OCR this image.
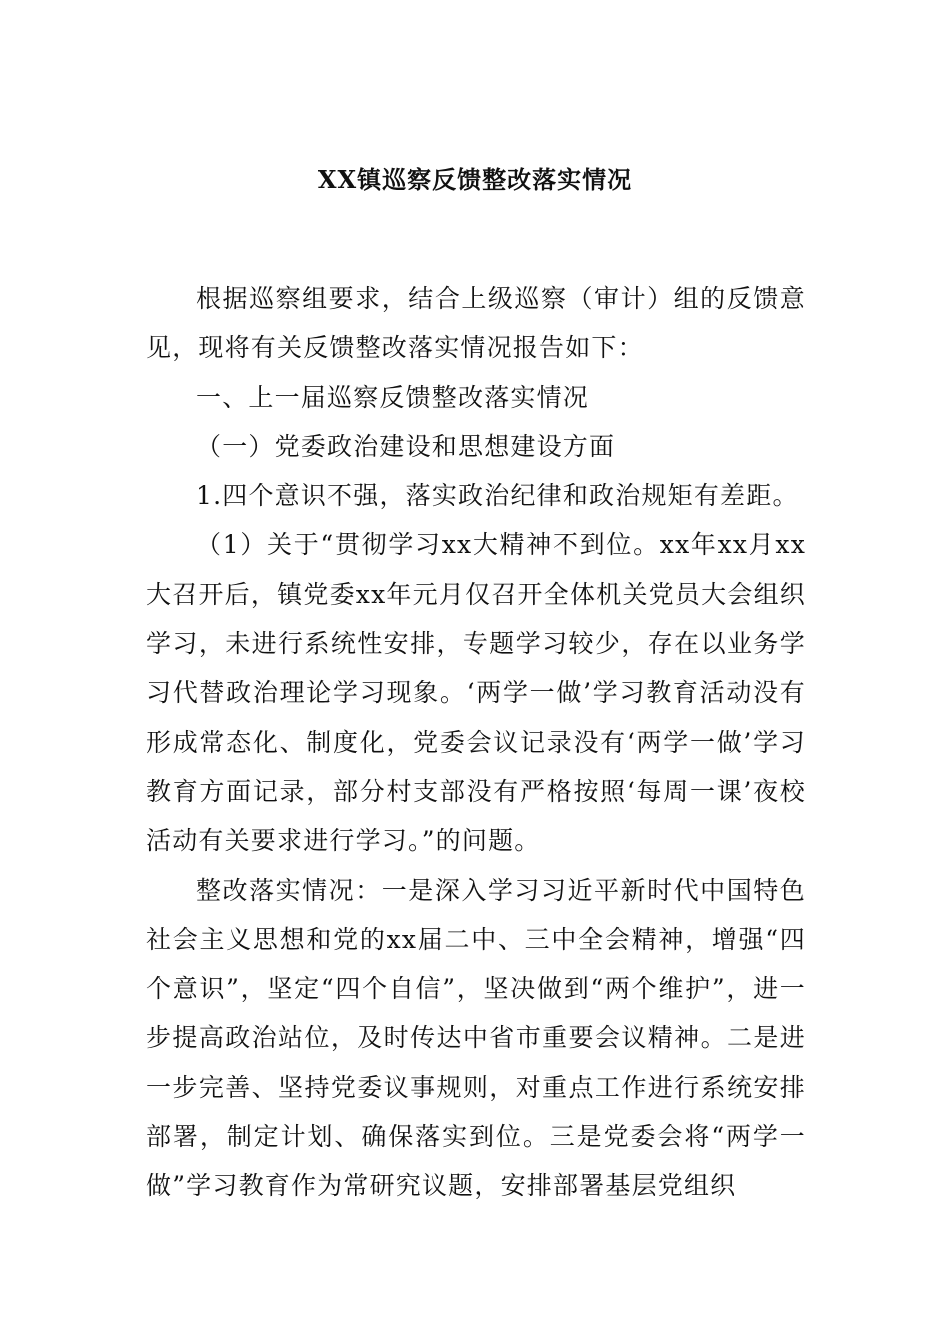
XX镇巡察反馈整改落实情况

根据巡察组要求，结合上级巡察（审计）组的反馈意见，现将有关反馈整改落实情况报告如下：

一、上一届巡察反馈整改落实情况

（一）党委政治建设和思想建设方面

1.四个意识不强，落实政治纪律和政治规矩有差距。

（1）关于“贯彻学习xx大精神不到位。xx年xx月xx大召开后，镇党委xx年元月仅召开全体机关党员大会组织学习，未进行系统性安排，专题学习较少，存在以业务学习代替政治理论学习现象。‘两学一做’学习教育活动没有形成常态化、制度化，党委会议记录没有‘两学一做’学习教育方面记录，部分村支部没有严格按照‘每周一课’夜校活动有关要求进行学习。”的问题。

整改落实情况：一是深入学习习近平新时代中国特色社会主义思想和党的xx届二中、三中全会精神，增强“四个意识”，坚定“四个自信”，坚决做到“两个维护”，进一步提高政治站位，及时传达中省市重要会议精神。二是进一步完善、坚持党委议事规则，对重点工作进行系统安排部署，制定计划、确保落实到位。三是党委会将“两学一做”学习教育作为常研究议题，安排部署基层党组织
